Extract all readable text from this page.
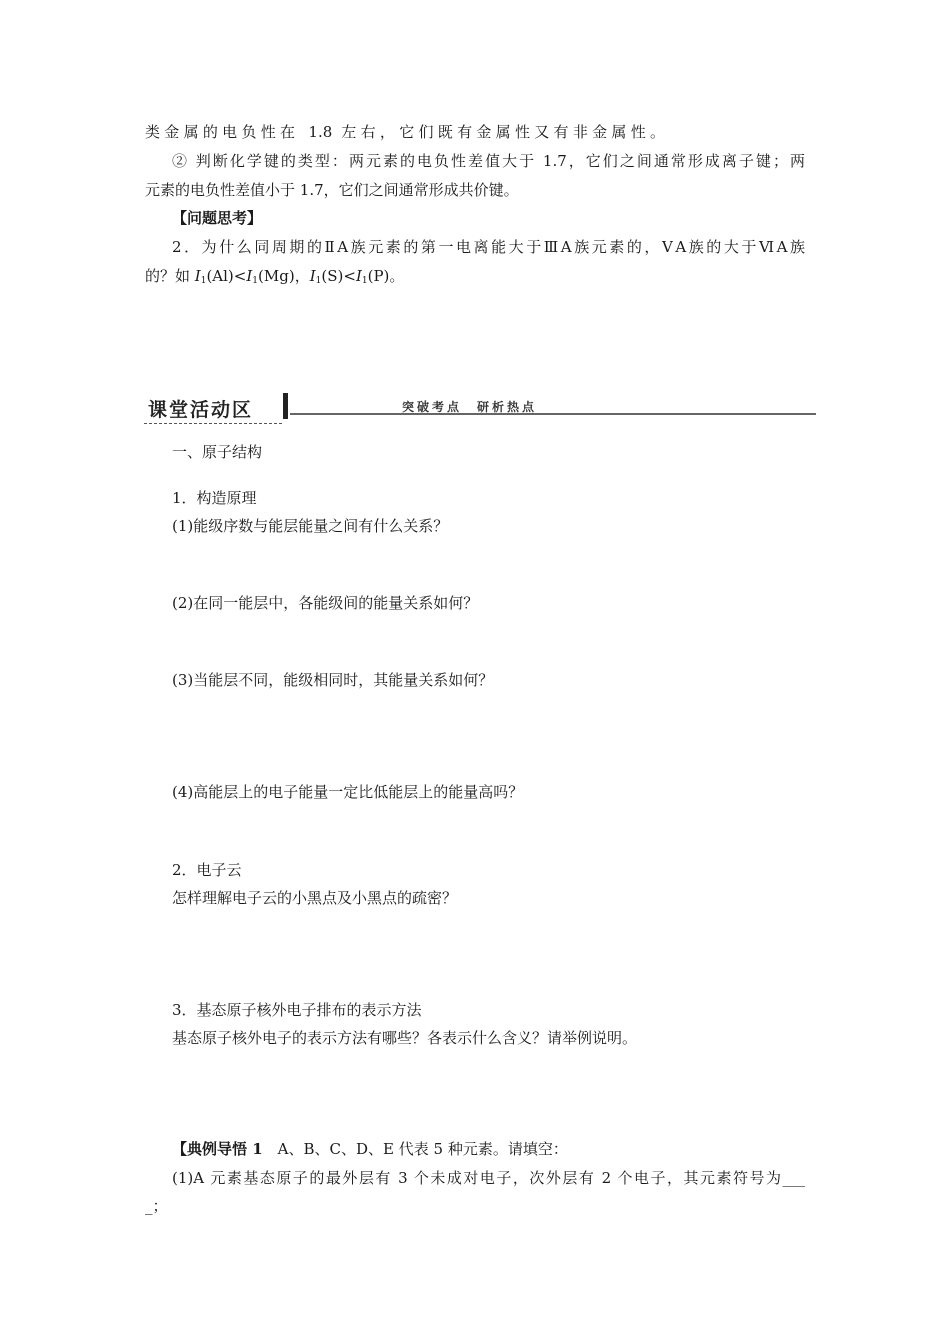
类金属的电负性在 1.8 左右，它们既有金属性又有非金属性。
② 判断化学键的类型：两元素的电负性差值大于 1.7，它们之间通常形成离子键；两
元素的电负性差值小于 1.7，它们之间通常形成共价键。
【问题思考】
2．为什么同周期的ⅡA族元素的第一电离能大于ⅢA族元素的，ⅤA族的大于ⅥA族
的？如 $I_1(Al)<I_1(Mg)$，$I_1(S)<I_1(P)$。
课堂活动区	突破考点　研析热点
一、原子结构
1．构造原理
(1)能级序数与能层能量之间有什么关系？
(2)在同一能层中，各能级间的能量关系如何？
(3)当能层不同，能级相同时，其能量关系如何？
(4)高能层上的电子能量一定比低能层上的能量高吗？
2．电子云
怎样理解电子云的小黑点及小黑点的疏密？
3．基态原子核外电子排布的表示方法
基态原子核外电子的表示方法有哪些？各表示什么含义？请举例说明。
【典例导悟 1　A、B、C、D、E 代表 5 种元素。请填空：
(1)A 元素基态原子的最外层有 3 个未成对电子，次外层有 2 个电子，其元素符号为___
_；
